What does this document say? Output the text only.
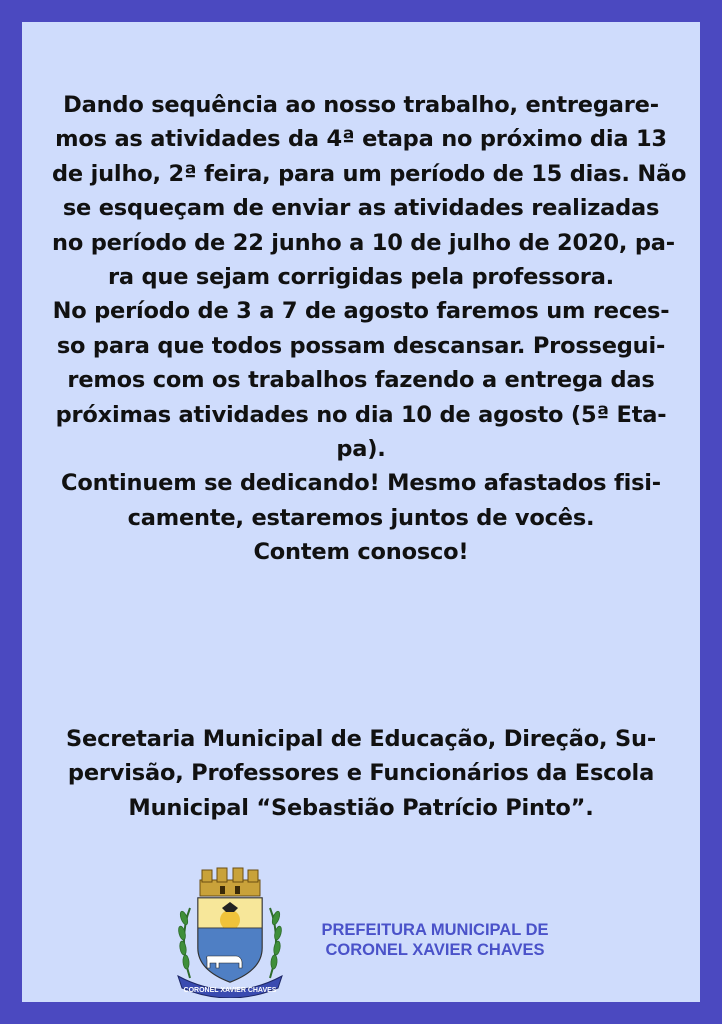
Dando sequência ao nosso trabalho, entregare-
mos as atividades da 4ª etapa no próximo dia 13
de julho, 2ª feira, para um período de 15 dias. Não
se esqueçam de enviar as atividades realizadas
no período de 22 junho a 10 de julho de 2020, pa-
ra que sejam corrigidas pela professora.
No período de 3 a 7 de agosto faremos um reces-
so para que todos possam descansar. Prossegui-
remos com os trabalhos fazendo a entrega das
próximas atividades no dia 10 de agosto (5ª Eta-
pa).
Continuem se dedicando! Mesmo afastados fisi-
camente, estaremos juntos de vocês.
Contem conosco!
Secretaria Municipal de Educação, Direção, Su-
pervisão, Professores e Funcionários da Escola
Municipal “Sebastião Patrício Pinto”.
CORONEL XAVIER CHAVES
PREFEITURA MUNICIPAL DE
CORONEL XAVIER CHAVES
